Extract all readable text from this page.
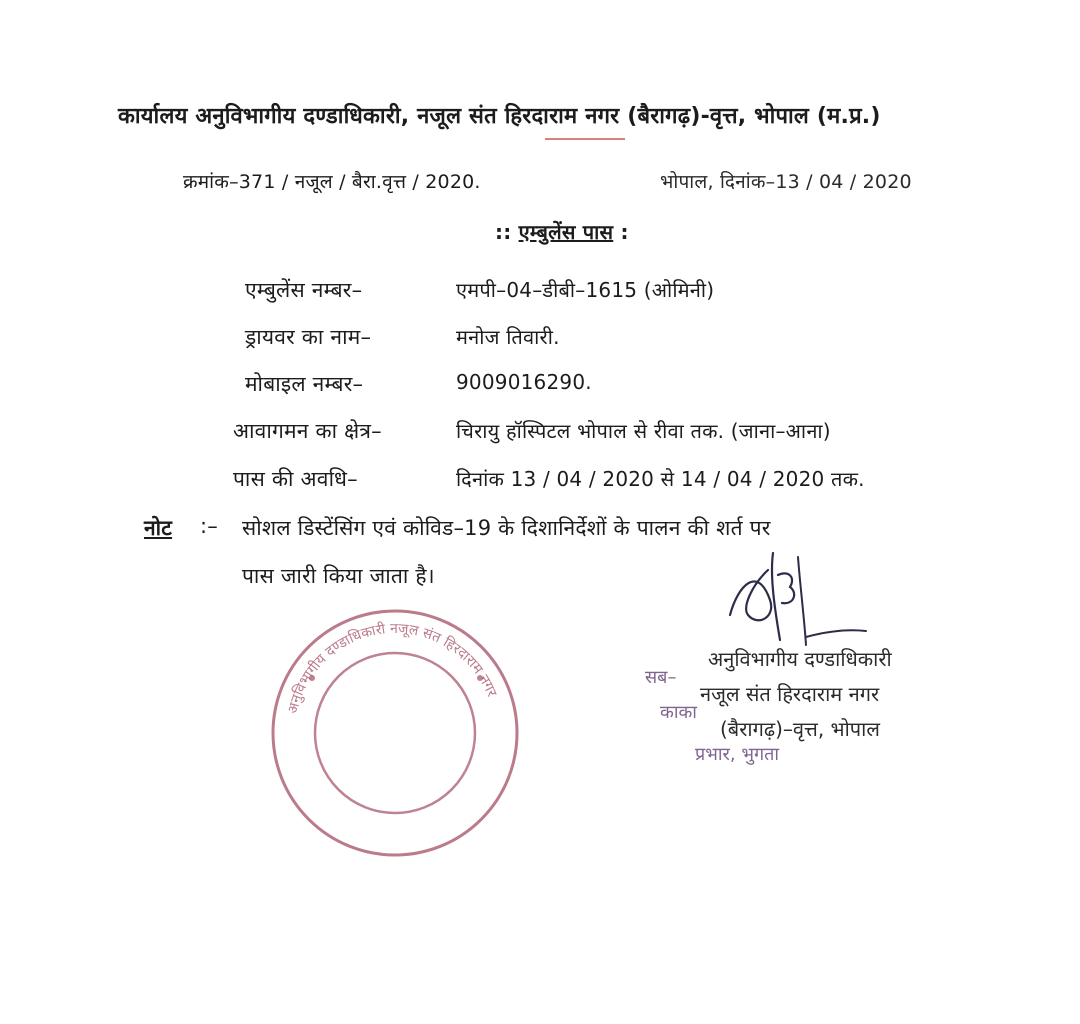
कार्यालय अनुविभागीय दण्डाधिकारी, नजूल संत हिरदाराम नगर (बैरागढ़)-वृत्त, भोपाल (म.प्र.)
क्रमांक–371 / नजूल / बैरा.वृत्त / 2020.	भोपाल, दिनांक–13 / 04 / 2020
:: एम्बुलेंस पास :
एम्बुलेंस नम्बर–	एमपी–04–डीबी–1615 (ओमिनी)
ड्रायवर का नाम–	मनोज तिवारी.
मोबाइल नम्बर–	9009016290.
आवागमन का क्षेत्र–	चिरायु हॉस्पिटल भोपाल से रीवा तक. (जाना–आना)
पास की अवधि–	दिनांक 13 / 04 / 2020 से 14 / 04 / 2020 तक.
नोट :– सोशल डिस्टेंसिंग एवं कोविड–19 के दिशानिर्देशों के पालन की शर्त पर
पास जारी किया जाता है।
अनुविभागीय दण्डाधिकारी नजूल संत हिरदाराम नगर
सब–
काका
प्रभार, भुगता
अनुविभागीय दण्डाधिकारी
नजूल संत हिरदाराम नगर
(बैरागढ़)–वृत्त, भोपाल
